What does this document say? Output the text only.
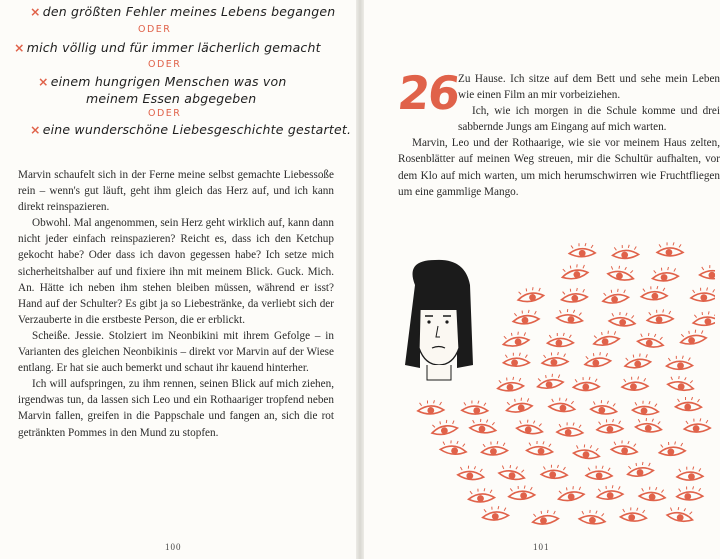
× den größten Fehler meines Lebens begangen
ODER
× mich völlig und für immer lächerlich gemacht
ODER
× einem hungrigen Menschen was von
meinem Essen abgegeben
ODER
× eine wunderschöne Liebesgeschichte gestartet.

Marvin schaufelt sich in der Ferne meine selbst gemachte Liebessoße rein – wenn's gut läuft, geht ihm gleich das Herz auf, und ich kann direkt reinspazieren.

Obwohl. Mal angenommen, sein Herz geht wirklich auf, kann dann nicht jeder einfach reinspazieren? Reicht es, dass ich den Ketchup gekocht habe? Oder dass ich davon gegessen habe? Ich setze mich sicherheitshalber auf und fixiere ihn mit meinem Blick. Guck. Mich. An. Hätte ich neben ihm stehen bleiben müssen, während er isst? Hand auf der Schulter? Es gibt ja so Liebestränke, da verliebt sich der Verzauberte in die erstbeste Person, die er erblickt.

Scheiße. Jessie. Stolziert im Neonbikini mit ihrem Gefolge – in Varianten des gleichen Neonbikinis – direkt vor Marvin auf der Wiese entlang. Er hat sie auch bemerkt und schaut ihr kauend hinterher.

Ich will aufspringen, zu ihm rennen, seinen Blick auf mich ziehen, irgendwas tun, da lassen sich Leo und ein Rothaariger tropfend neben Marvin fallen, greifen in die Pappschale und fangen an, sich die rot getränkten Pommes in den Mund zu stopfen.

26

Zu Hause. Ich sitze auf dem Bett und sehe mein Leben wie einen Film an mir vorbeiziehen.

Ich, wie ich morgen in die Schule komme und drei sabbernde Jungs am Eingang auf mich warten.

Marvin, Leo und der Rothaarige, wie sie vor meinem Haus zelten, Rosenblätter auf meinen Weg streuen, mir die Schultür aufhalten, vor dem Klo auf mich warten, um mich herumschwirren wie Fruchtfliegen um eine gammlige Mango.

100	101
